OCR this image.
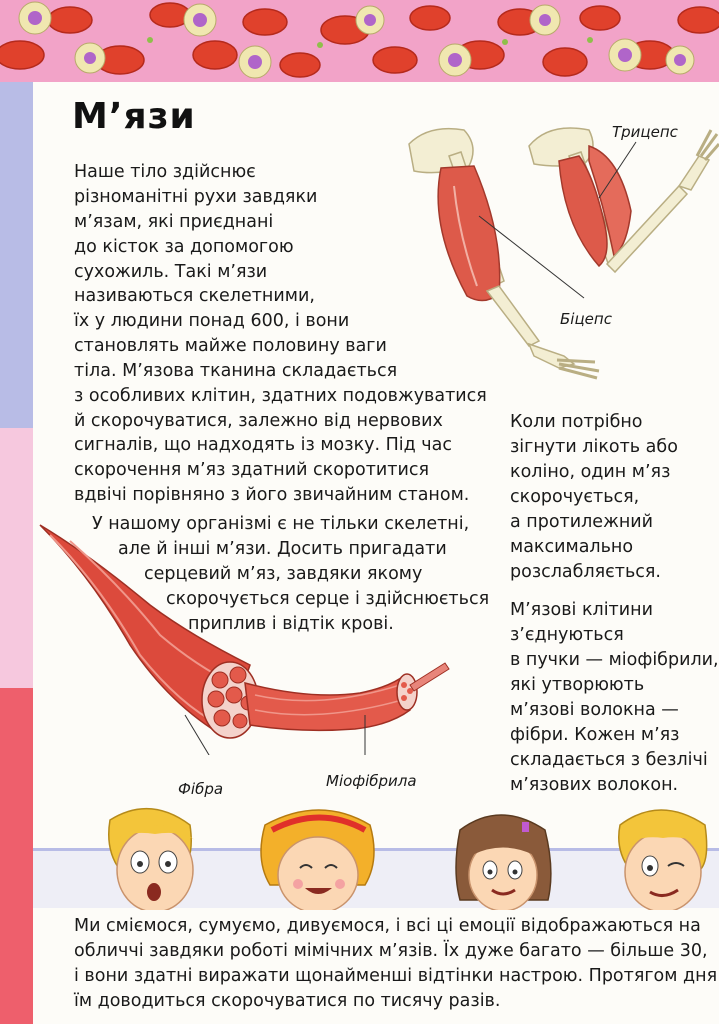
М’язи
Наше тіло здійснює
різноманітні рухи завдяки
м’язам, які приєднані
до кісток за допомогою
сухожиль. Такі м’язи
називаються скелетними,
їх у людини понад 600, і вони
становлять майже половину ваги
тіла. М’язова тканина складається
з особливих клітин, здатних подовжуватися
й скорочуватися, залежно від нервових
сигналів, що надходять із мозку. Під час
скорочення м’яз здатний скоротитися
вдвічі порівняно з його звичайним станом.
У нашому організмі є не тільки скелетні,
але й інші м’язи. Досить пригадати
серцевий м’яз, завдяки якому
скорочується серце і здійснюється
приплив і відтік крові.
Трицепс
Біцепс
Коли потрібно
зігнути лікоть або
коліно, один м’яз
скорочується,
а протилежний
максимально
розслабляється.
М’язові клітини
з’єднуються
в пучки — міофібрили,
які утворюють
м’язові волокна —
фібри. Кожен м’яз
складається з безлічі
м’язових волокон.
Фібра	Міофібрила
Ми сміємося, сумуємо, дивуємося, і всі ці емоції відображаються на
обличчі завдяки роботі мімічних м’язів. Їх дуже багато — більше 30,
і вони здатні виражати щонайменші відтінки настрою. Протягом дня
їм доводиться скорочуватися по тисячу разів.
